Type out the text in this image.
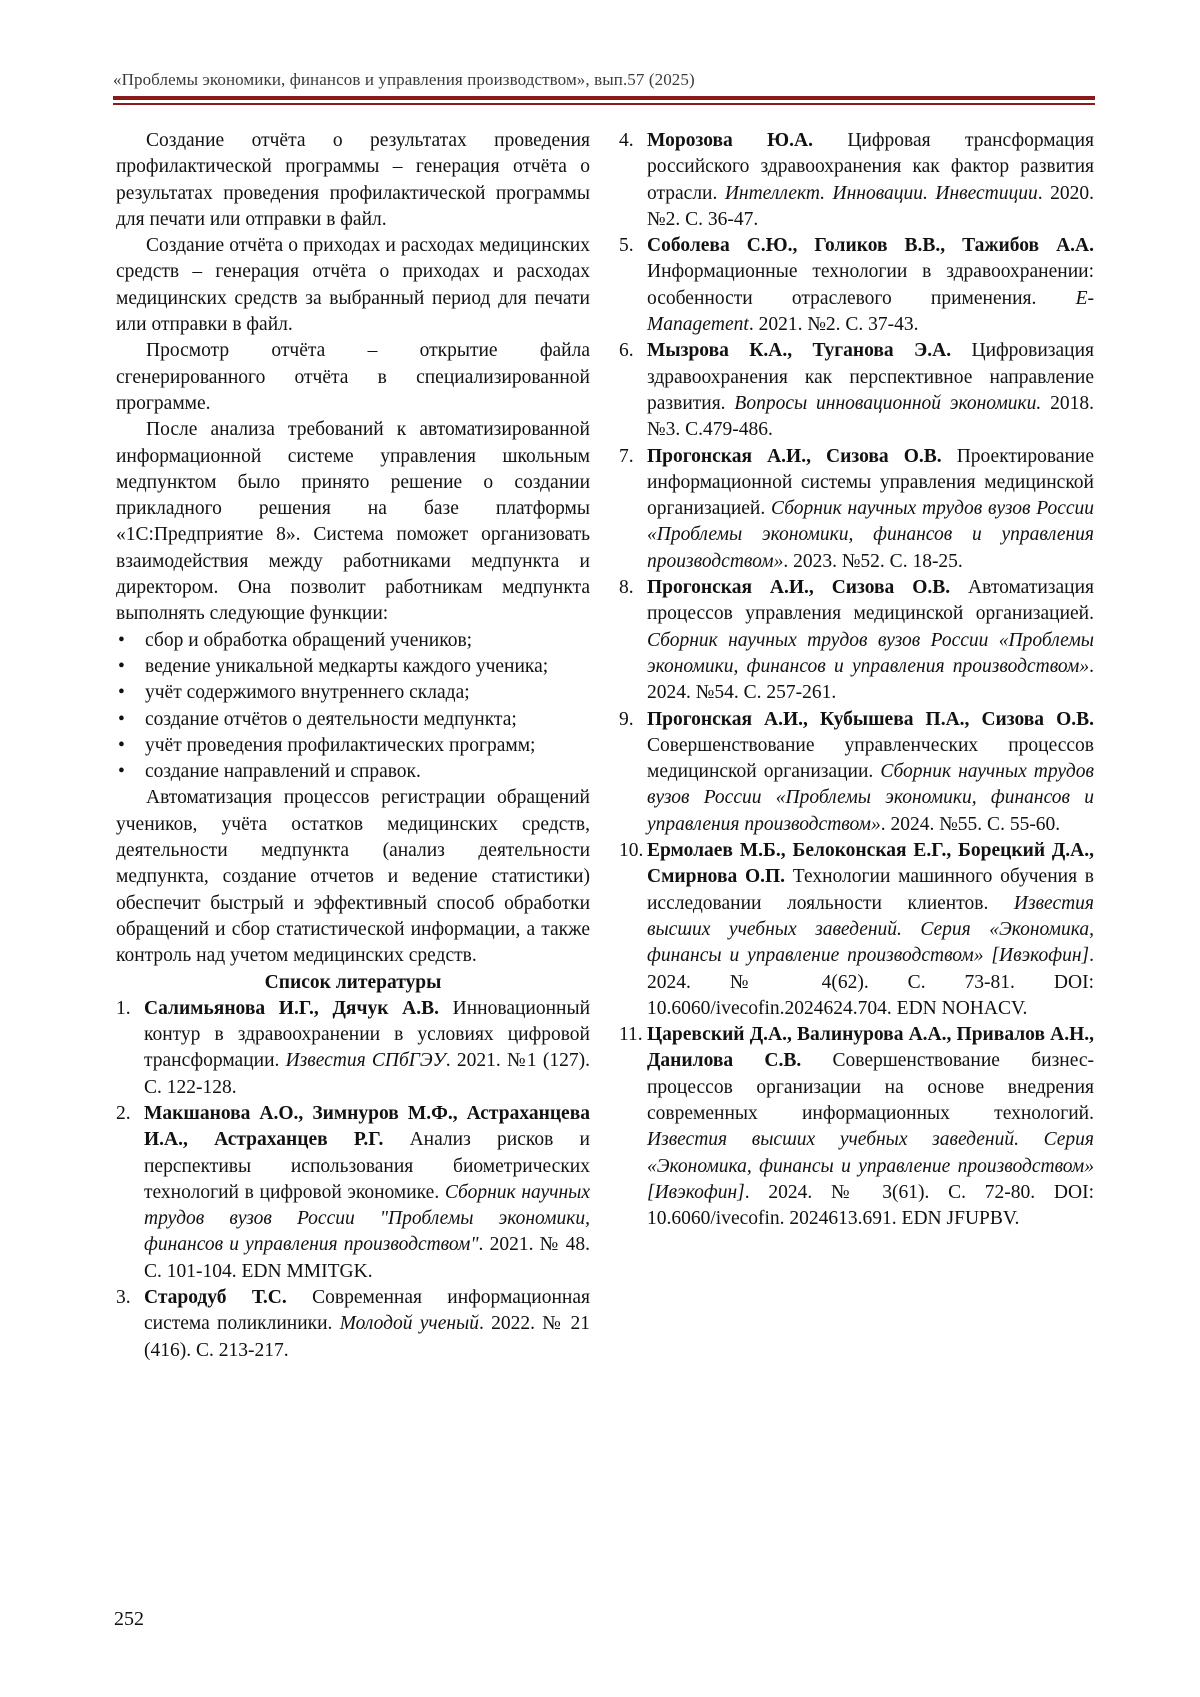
«Проблемы экономики, финансов и управления производством», вып.57 (2025)

Создание отчёта о результатах проведения профилактической программы – генерация отчёта о результатах проведения профилактической программы для печати или отправки в файл.

Создание отчёта о приходах и расходах медицинских средств – генерация отчёта о приходах и расходах медицинских средств за выбранный период для печати или отправки в файл.

Просмотр отчёта – открытие файла сгенерированного отчёта в специализированной программе.

После анализа требований к автоматизированной информационной системе управления школьным медпунктом было принято решение о создании прикладного решения на базе платформы «1С:Предприятие 8». Система поможет организовать взаимодействия между работниками медпункта и директором. Она позволит работникам медпункта выполнять следующие функции:

• сбор и обработка обращений учеников;
• ведение уникальной медкарты каждого ученика;
• учёт содержимого внутреннего склада;
• создание отчётов о деятельности медпункта;
• учёт проведения профилактических программ;
• создание направлений и справок.

Автоматизация процессов регистрации обращений учеников, учёта остатков медицинских средств, деятельности медпункта (анализ деятельности медпункта, создание отчетов и ведение статистики) обеспечит быстрый и эффективный способ обработки обращений и сбор статистической информации, а также контроль над учетом медицинских средств.

Список литературы
1. Салимьянова И.Г., Дячук А.В. Инновационный контур в здравоохранении в условиях цифровой трансформации. Известия СПбГЭУ. 2021. №1 (127). С. 122-128.
2. Макшанова А.О., Зимнуров М.Ф., Астраханцева И.А., Астраханцев Р.Г. Анализ рисков и перспективы использования биометрических технологий в цифровой экономике. Сборник научных трудов вузов России "Проблемы экономики, финансов и управления производством". 2021. № 48. С. 101-104. EDN MMITGK.
3. Стародуб Т.С. Современная информационная система поликлиники. Молодой ученый. 2022. № 21 (416). С. 213-217.
4. Морозова Ю.А. Цифровая трансформация российского здравоохранения как фактор развития отрасли. Интеллект. Инновации. Инвестиции. 2020. №2. С. 36-47.
5. Соболева С.Ю., Голиков В.В., Тажибов А.А. Информационные технологии в здравоохранении: особенности отраслевого применения. E-Management. 2021. №2. С. 37-43.
6. Мызрова К.А., Туганова Э.А. Цифровизация здравоохранения как перспективное направление развития. Вопросы инновационной экономики. 2018. №3. С.479-486.
7. Прогонская А.И., Сизова О.В. Проектирование информационной системы управления медицинской организацией. Сборник научных трудов вузов России «Проблемы экономики, финансов и управления производством». 2023. №52. С. 18-25.
8. Прогонская А.И., Сизова О.В. Автоматизация процессов управления медицинской организацией. Сборник научных трудов вузов России «Проблемы экономики, финансов и управления производством». 2024. №54. С. 257-261.
9. Прогонская А.И., Кубышева П.А., Сизова О.В. Совершенствование управленческих процессов медицинской организации. Сборник научных трудов вузов России «Проблемы экономики, финансов и управления производством». 2024. №55. С. 55-60.
10. Ермолаев М.Б., Белоконская Е.Г., Борецкий Д.А., Смирнова О.П. Технологии машинного обучения в исследовании лояльности клиентов. Известия высших учебных заведений. Серия «Экономика, финансы и управление производством» [Ивэкофин]. 2024. № 4(62). С. 73-81. DOI: 10.6060/ivecofin.2024624.704. EDN NOHACV.
11. Царевский Д.А., Валинурова А.А., Привалов А.Н., Данилова С.В. Совершенствование бизнес-процессов организации на основе внедрения современных информационных технологий. Известия высших учебных заведений. Серия «Экономика, финансы и управление производством» [Ивэкофин]. 2024. № 3(61). С. 72-80. DOI: 10.6060/ivecofin. 2024613.691. EDN JFUPBV.
252
